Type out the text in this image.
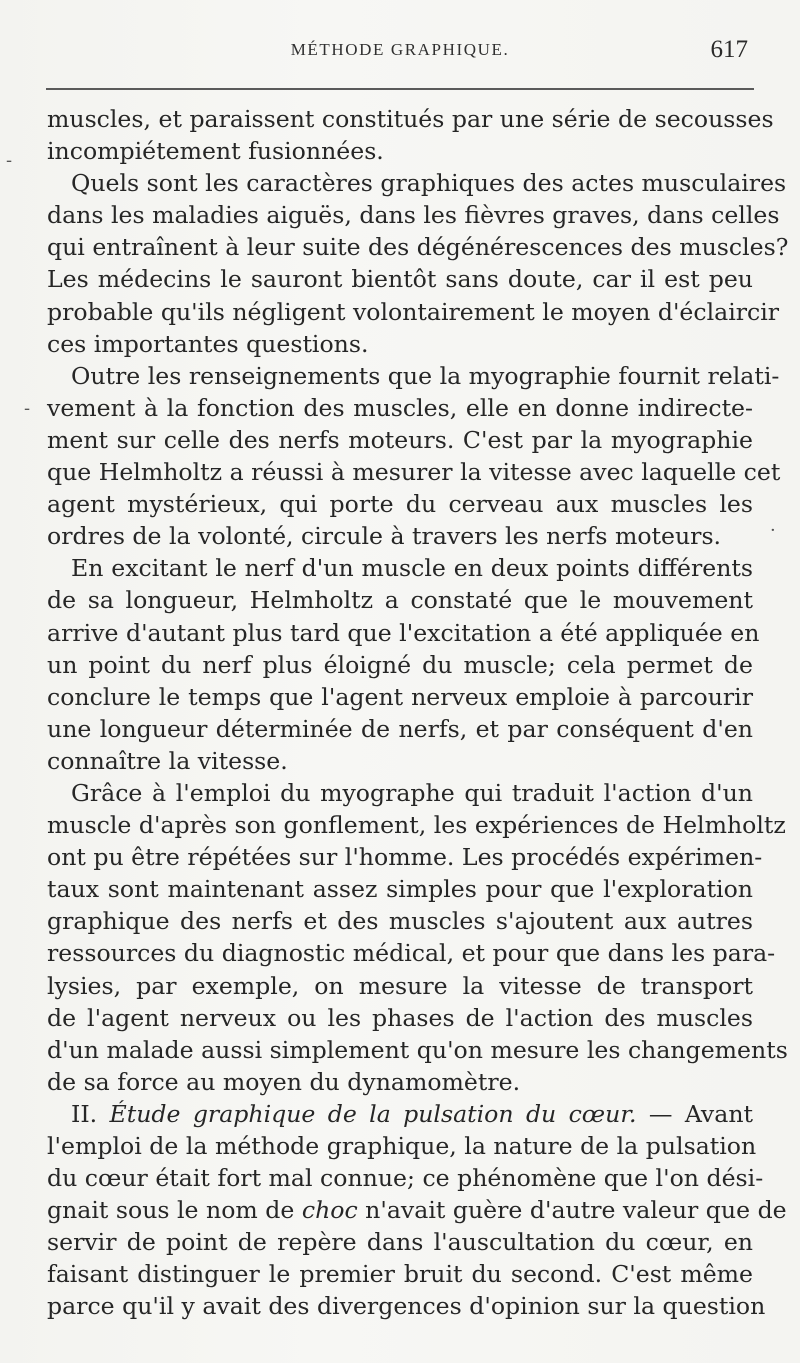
MÉTHODE GRAPHIQUE.	617
muscles, et paraissent constitués par une série de secousses
incompiétement fusionnées.
Quels sont les caractères graphiques des actes musculaires
dans les maladies aiguës, dans les fièvres graves, dans celles
qui entraînent à leur suite des dégénérescences des muscles?
Les médecins le sauront bientôt sans doute, car il est peu
probable qu'ils négligent volontairement le moyen d'éclaircir
ces importantes questions.
Outre les renseignements que la myographie fournit relati-
vement à la fonction des muscles, elle en donne indirecte-
ment sur celle des nerfs moteurs. C'est par la myographie
que Helmholtz a réussi à mesurer la vitesse avec laquelle cet
agent mystérieux, qui porte du cerveau aux muscles les
ordres de la volonté, circule à travers les nerfs moteurs.
En excitant le nerf d'un muscle en deux points différents
de sa longueur, Helmholtz a constaté que le mouvement
arrive d'autant plus tard que l'excitation a été appliquée en
un point du nerf plus éloigné du muscle; cela permet de
conclure le temps que l'agent nerveux emploie à parcourir
une longueur déterminée de nerfs, et par conséquent d'en
connaître la vitesse.
Grâce à l'emploi du myographe qui traduit l'action d'un
muscle d'après son gonflement, les expériences de Helmholtz
ont pu être répétées sur l'homme. Les procédés expérimen-
taux sont maintenant assez simples pour que l'exploration
graphique des nerfs et des muscles s'ajoutent aux autres
ressources du diagnostic médical, et pour que dans les para-
lysies, par exemple, on mesure la vitesse de transport
de l'agent nerveux ou les phases de l'action des muscles
d'un malade aussi simplement qu'on mesure les changements
de sa force au moyen du dynamomètre.
II. Étude graphique de la pulsation du cœur. — Avant
l'emploi de la méthode graphique, la nature de la pulsation
du cœur était fort mal connue; ce phénomène que l'on dési-
gnait sous le nom de choc n'avait guère d'autre valeur que de
servir de point de repère dans l'auscultation du cœur, en
faisant distinguer le premier bruit du second. C'est même
parce qu'il y avait des divergences d'opinion sur la question
-
-
·
